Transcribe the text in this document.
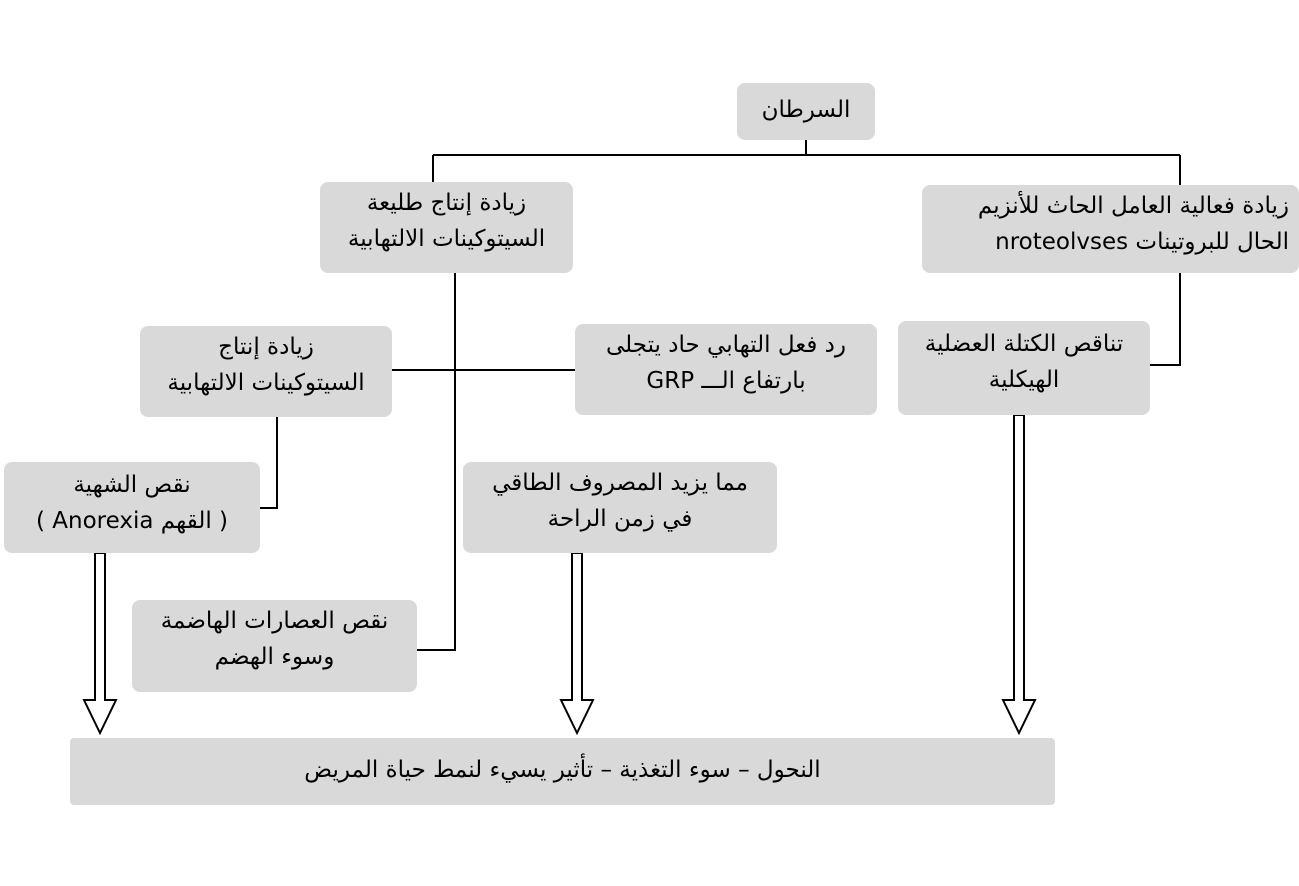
السرطان
زيادة فعالية العامل الحاث للأنزيم
الحال للبروتينات nroteolvses
زيادة إنتاج طليعة
السيتوكينات الالتهابية
رد فعل التهابي حاد يتجلى
بارتفاع الـــ GRP
تناقص الكتلة العضلية
الهيكلية
زيادة إنتاج
السيتوكينات الالتهابية
نقص الشهية
( القهم Anorexia )
مما يزيد المصروف الطاقي
في زمن الراحة
نقص العصارات الهاضمة
وسوء الهضم
النحول – سوء التغذية – تأثير يسيء لنمط حياة المريض
